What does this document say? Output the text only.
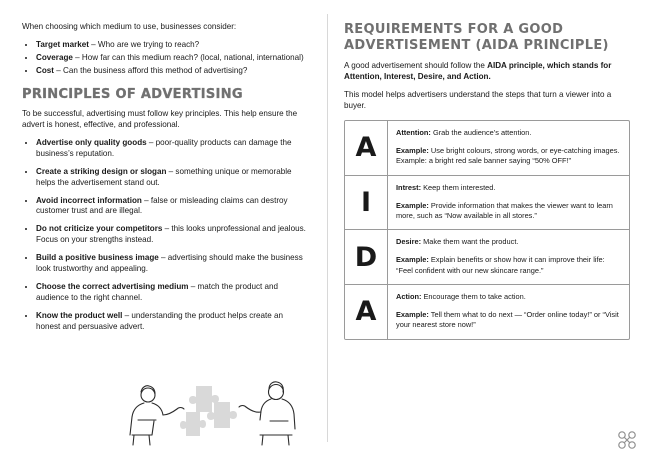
When choosing which medium to use, businesses consider:

• Target market – Who are we trying to reach?
• Coverage – How far can this medium reach? (local, national, international)
• Cost – Can the business afford this method of advertising?
PRINCIPLES OF ADVERTISING

To be successful, advertising must follow key principles. This help ensure the advert is honest, effective, and professional.

• Advertise only quality goods – poor-quality products can damage the business’s reputation.
• Create a striking design or slogan – something unique or memorable helps the advertisement stand out.
• Avoid incorrect information – false or misleading claims can destroy customer trust and are illegal.
• Do not criticize your competitors – this looks unprofessional and jealous. Focus on your strengths instead.
• Build a positive business image – advertising should make the business look trustworthy and appealing.
• Choose the correct advertising medium – match the product and audience to the right channel.
• Know the product well – understanding the product helps create an honest and persuasive advert.
REQUIREMENTS FOR A GOOD ADVERTISEMENT (AIDA PRINCIPLE)

A good advertisement should follow the AIDA principle, which stands for Attention, Interest, Desire, and Action.

This model helps advertisers understand the steps that turn a viewer into a buyer.

A	Attention: Grab the audience’s attention.

Example: Use bright colours, strong words, or eye-catching images. Example: a bright red sale banner saying “50% OFF!”

I	Intrest: Keep them interested.

Example: Provide information that makes the viewer want to learn more, such as “Now available in all stores.”

D	Desire: Make them want the product.

Example: Explain benefits or show how it can improve their life: “Feel confident with our new skincare range.”

A	Action: Encourage them to take action.

Example: Tell them what to do next — “Order online today!” or “Visit your nearest store now!”
